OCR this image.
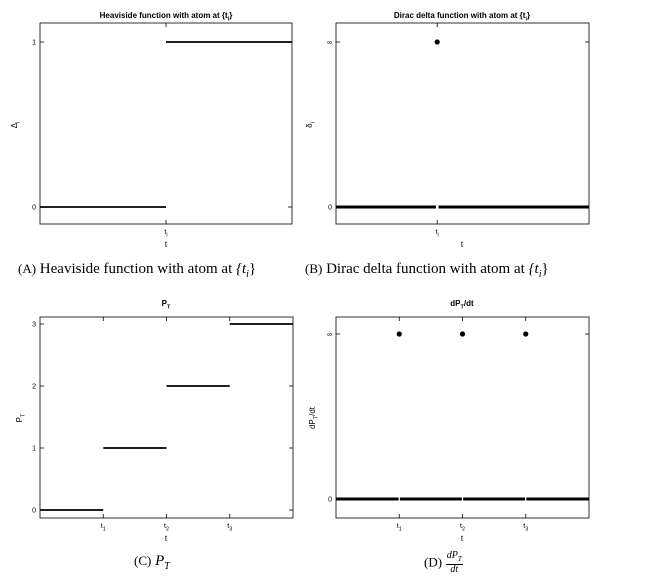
Heaviside function with atom at $\{t_i\}$
0
1
$t_i$
t
$\Delta_i$
Dirac delta function with atom at $\{t_i\}$
0
∞
$t_i$
t
$\delta_i$
$P_T$
0
1
2
3
$t_1$	$t_2$	$t_3$
t
$P_T$
$dP_T/dt$
0
∞
$t_1$	$t_2$	$t_3$
t
$dP_T/dt$
(A) Heaviside function with atom at $\{t_i\}$	(B) Dirac delta function with atom at $\{t_i\}$
(C) $P_T$	$(D) \frac{dP_T}{dt}$
